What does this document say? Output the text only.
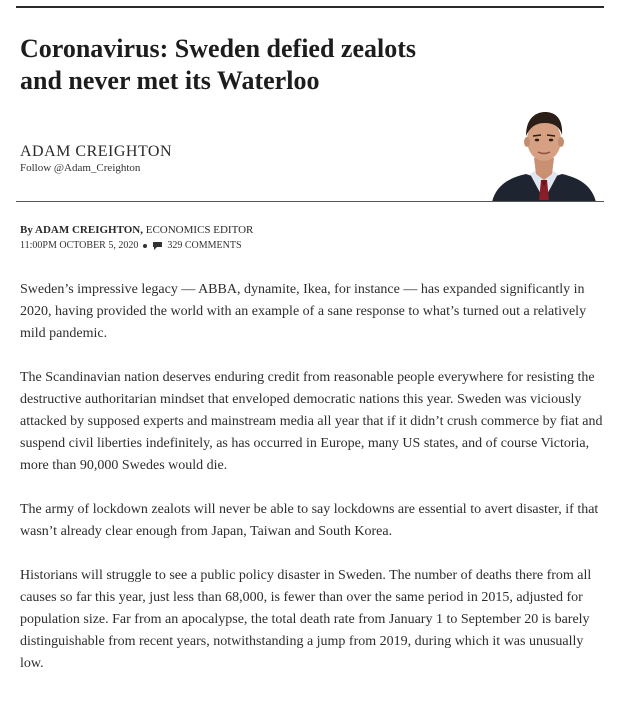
Coronavirus: Sweden defied zealots and never met its Waterloo
ADAM CREIGHTON
Follow @Adam_Creighton
By ADAM CREIGHTON, ECONOMICS EDITOR
11:00PM OCTOBER 5, 2020	329 COMMENTS

Sweden’s impressive legacy — ABBA, dynamite, Ikea, for instance — has expanded significantly in 2020, having provided the world with an example of a sane response to what’s turned out a relatively mild pandemic.

The Scandinavian nation deserves enduring credit from reasonable people everywhere for resisting the destructive authoritarian mindset that enveloped democratic nations this year. Sweden was viciously attacked by supposed experts and mainstream media all year that if it didn’t crush commerce by fiat and suspend civil liberties indefinitely, as has occurred in Europe, many US states, and of course Victoria, more than 90,000 Swedes would die.

The army of lockdown zealots will never be able to say lockdowns are essential to avert disaster, if that wasn’t already clear enough from Japan, Taiwan and South Korea.

Historians will struggle to see a public policy disaster in Sweden. The number of deaths there from all causes so far this year, just less than 68,000, is fewer than over the same period in 2015, adjusted for population size. Far from an apocalypse, the total death rate from January 1 to September 20 is barely distinguishable from recent years, notwithstanding a jump from 2019, during which it was unusually low.
